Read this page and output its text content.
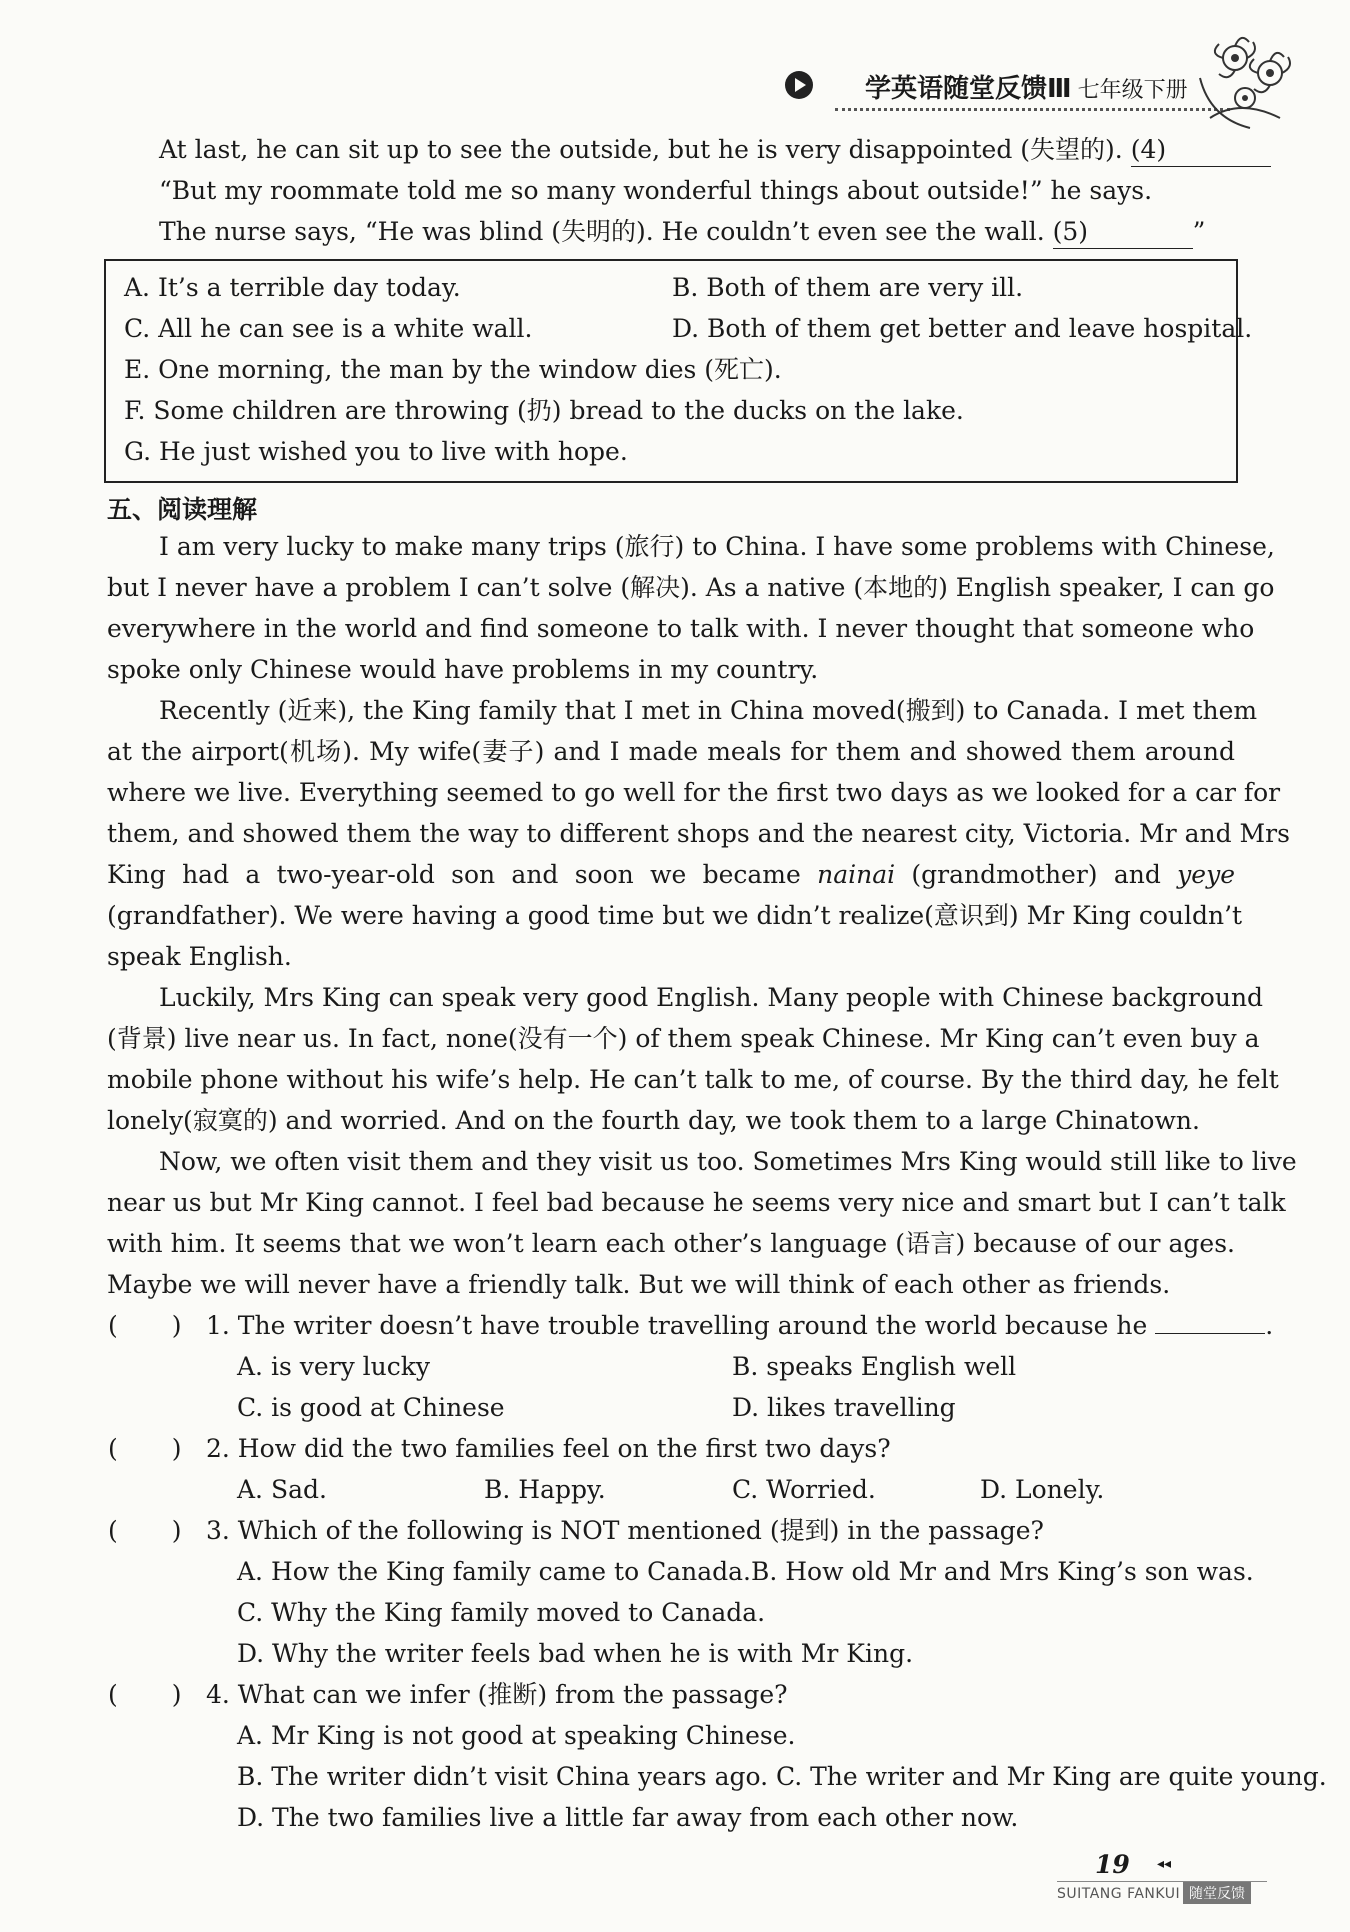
学英语随堂反馈Ⅲ 七年级下册
At last, he can sit up to see the outside, but he is very disappointed (失望的). (4)
“But my roommate told me so many wonderful things about outside!” he says.
The nurse says, “He was blind (失明的). He couldn’t even see the wall. (5)	”
A. It’s a terrible day today.	B. Both of them are very ill.
C. All he can see is a white wall.	D. Both of them get better and leave hospital.
E. One morning, the man by the window dies (死亡).
F. Some children are throwing (扔) bread to the ducks on the lake.
G. He just wished you to live with hope.
五、阅读理解
I am very lucky to make many trips (旅行) to China. I have some problems with Chinese,
but I never have a problem I can’t solve (解决). As a native (本地的) English speaker, I can go
everywhere in the world and find someone to talk with. I never thought that someone who
spoke only Chinese would have problems in my country.
Recently (近来), the King family that I met in China moved(搬到) to Canada. I met them
at the airport(机场). My wife(妻子) and I made meals for them and showed them around
where we live. Everything seemed to go well for the first two days as we looked for a car for
them, and showed them the way to different shops and the nearest city, Victoria. Mr and Mrs
King had a two-year-old son and soon we became nainai (grandmother) and yeye
(grandfather). We were having a good time but we didn’t realize(意识到) Mr King couldn’t
speak English.
Luckily, Mrs King can speak very good English. Many people with Chinese background
(背景) live near us. In fact, none(没有一个) of them speak Chinese. Mr King can’t even buy a
mobile phone without his wife’s help. He can’t talk to me, of course. By the third day, he felt
lonely(寂寞的) and worried. And on the fourth day, we took them to a large Chinatown.
Now, we often visit them and they visit us too. Sometimes Mrs King would still like to live
near us but Mr King cannot. I feel bad because he seems very nice and smart but I can’t talk
with him. It seems that we won’t learn each other’s language (语言) because of our ages.
Maybe we will never have a friendly talk. But we will think of each other as friends.
( ) 1. The writer doesn’t have trouble travelling around the world because he	.
A. is very lucky	B. speaks English well
C. is good at Chinese	D. likes travelling
( ) 2. How did the two families feel on the first two days?
A. Sad.	B. Happy.	C. Worried.	D. Lonely.
( ) 3. Which of the following is NOT mentioned (提到) in the passage?
A. How the King family came to Canada.B. How old Mr and Mrs King’s son was.
C. Why the King family moved to Canada.
D. Why the writer feels bad when he is with Mr King.
( ) 4. What can we infer (推断) from the passage?
A. Mr King is not good at speaking Chinese.
B. The writer didn’t visit China years ago. C. The writer and Mr King are quite young.
D. The two families live a little far away from each other now.
19 ◂◂
SUITANG FANKUI 随堂反馈
